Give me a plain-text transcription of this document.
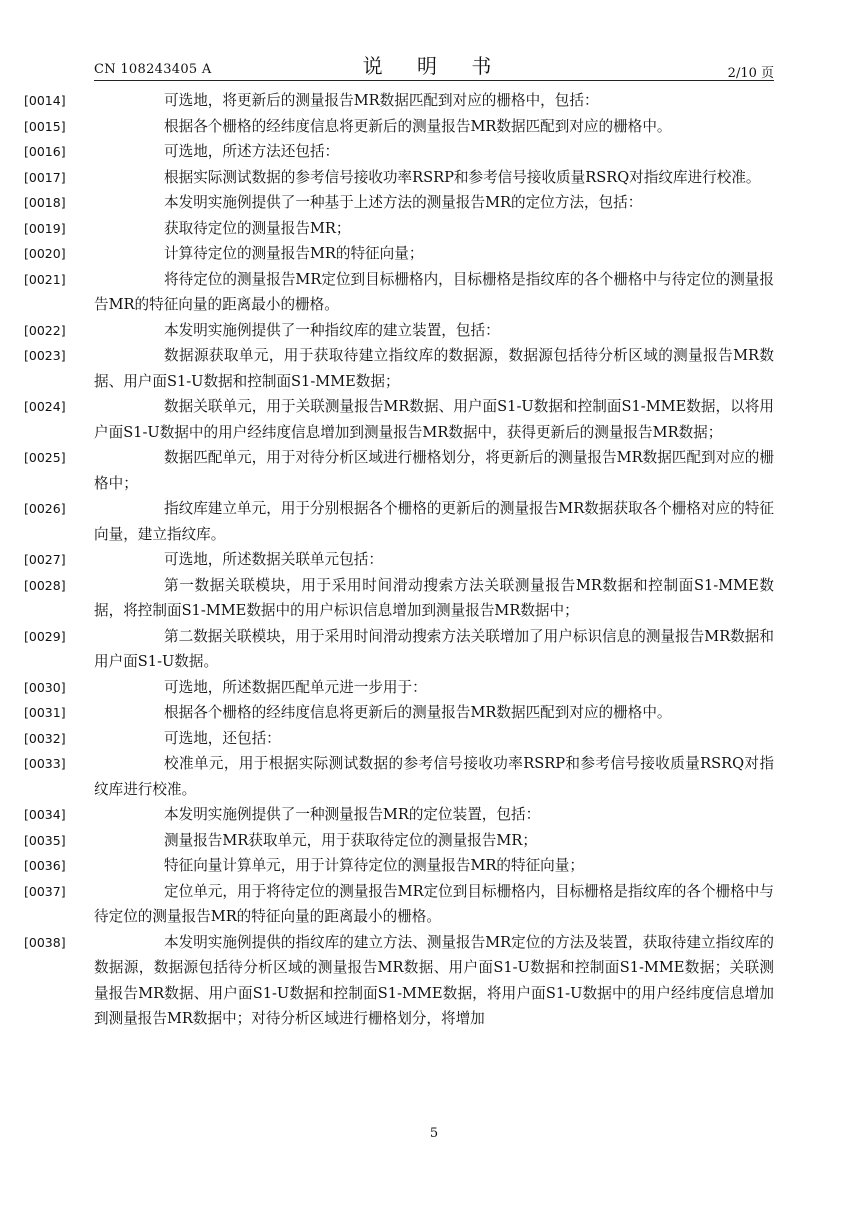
CN 108243405 A	说 明 书	2/10 页

[0014]	可选地，将更新后的测量报告MR数据匹配到对应的栅格中，包括：

[0015]	根据各个栅格的经纬度信息将更新后的测量报告MR数据匹配到对应的栅格中。

[0016]	可选地，所述方法还包括：

[0017]	根据实际测试数据的参考信号接收功率RSRP和参考信号接收质量RSRQ对指纹库进行校准。

[0018]	本发明实施例提供了一种基于上述方法的测量报告MR的定位方法，包括：

[0019]	获取待定位的测量报告MR；

[0020]	计算待定位的测量报告MR的特征向量；

[0021]	将待定位的测量报告MR定位到目标栅格内，目标栅格是指纹库的各个栅格中与待定位的测量报告MR的特征向量的距离最小的栅格。

[0022]	本发明实施例提供了一种指纹库的建立装置，包括：

[0023]	数据源获取单元，用于获取待建立指纹库的数据源，数据源包括待分析区域的测量报告MR数据、用户面S1-U数据和控制面S1-MME数据；

[0024]	数据关联单元，用于关联测量报告MR数据、用户面S1-U数据和控制面S1-MME数据，以将用户面S1-U数据中的用户经纬度信息增加到测量报告MR数据中，获得更新后的测量报告MR数据；

[0025]	数据匹配单元，用于对待分析区域进行栅格划分，将更新后的测量报告MR数据匹配到对应的栅格中；

[0026]	指纹库建立单元，用于分别根据各个栅格的更新后的测量报告MR数据获取各个栅格对应的特征向量，建立指纹库。

[0027]	可选地，所述数据关联单元包括：

[0028]	第一数据关联模块，用于采用时间滑动搜索方法关联测量报告MR数据和控制面S1-MME数据，将控制面S1-MME数据中的用户标识信息增加到测量报告MR数据中；

[0029]	第二数据关联模块，用于采用时间滑动搜索方法关联增加了用户标识信息的测量报告MR数据和用户面S1-U数据。

[0030]	可选地，所述数据匹配单元进一步用于：

[0031]	根据各个栅格的经纬度信息将更新后的测量报告MR数据匹配到对应的栅格中。

[0032]	可选地，还包括：

[0033]	校准单元，用于根据实际测试数据的参考信号接收功率RSRP和参考信号接收质量RSRQ对指纹库进行校准。

[0034]	本发明实施例提供了一种测量报告MR的定位装置，包括：

[0035]	测量报告MR获取单元，用于获取待定位的测量报告MR；

[0036]	特征向量计算单元，用于计算待定位的测量报告MR的特征向量；

[0037]	定位单元，用于将待定位的测量报告MR定位到目标栅格内，目标栅格是指纹库的各个栅格中与待定位的测量报告MR的特征向量的距离最小的栅格。

[0038]	本发明实施例提供的指纹库的建立方法、测量报告MR定位的方法及装置，获取待建立指纹库的数据源，数据源包括待分析区域的测量报告MR数据、用户面S1-U数据和控制面S1-MME数据；关联测量报告MR数据、用户面S1-U数据和控制面S1-MME数据，将用户面S1-U数据中的用户经纬度信息增加到测量报告MR数据中；对待分析区域进行栅格划分，将增加

5
